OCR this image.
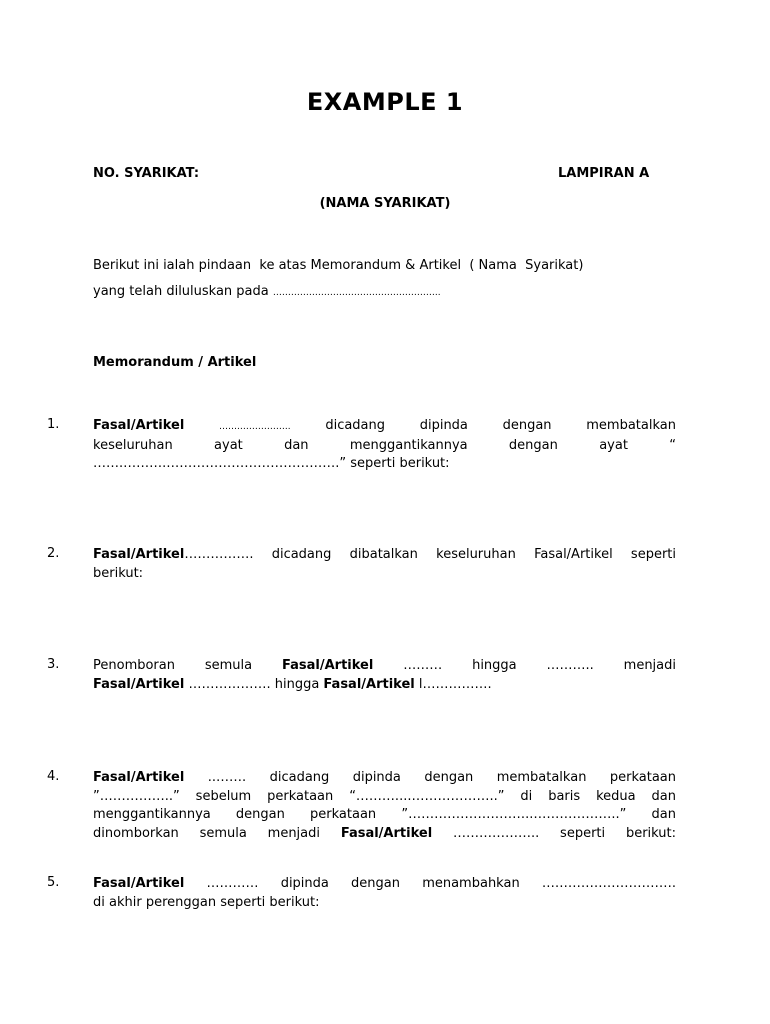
EXAMPLE 1
NO. SYARIKAT:	LAMPIRAN A
(NAMA SYARIKAT)
Berikut ini ialah pindaan  ke atas Memorandum & Artikel  ( Nama  Syarikat)
yang telah diluluskan pada ………………………………………………..
Memorandum / Artikel
1.	Fasal/Artikel	…….……………..	dicadang dipinda dengan membatalkan
keseluruhan ayat dan menggantikannya dengan ayat “
…….……….………………………………….” seperti berikut:
2.	Fasal/Artikel……………. dicadang dibatalkan keseluruhan Fasal/Artikel seperti
berikut:
3.	Penomboran semula Fasal/Artikel ……… hingga ……….. menjadi
Fasal/Artikel ………………. hingga Fasal/Artikel l…………….
4.	Fasal/Artikel ..……. dicadang dipinda dengan membatalkan perkataan
”……………..” sebelum perkataan “………....………………..” di baris kedua dan
menggantikannya dengan perkataan ”………………………..………………..” dan
dinomborkan semula menjadi Fasal/Artikel ……………….. seperti berikut:
5.	Fasal/Artikel ………… dipinda dengan menambahkan ………………………….
di akhir perenggan seperti berikut:
